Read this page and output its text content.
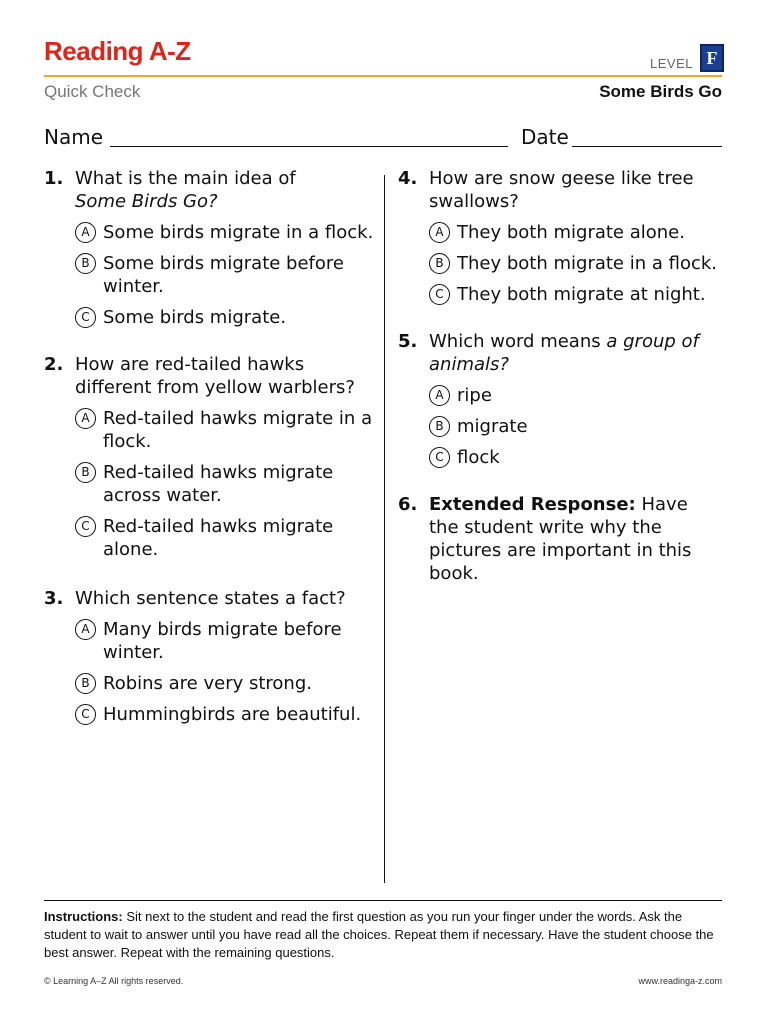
Reading A-Z	LEVEL F
Quick Check	Some Birds Go
Name	Date
1. What is the main idea of
Some Birds Go?
A Some birds migrate in a flock.
B Some birds migrate before winter.
C Some birds migrate.
2. How are red-tailed hawks different from yellow warblers?
A Red-tailed hawks migrate in a flock.
B Red-tailed hawks migrate across water.
C Red-tailed hawks migrate alone.
3. Which sentence states a fact?
A Many birds migrate before winter.
B Robins are very strong.
C Hummingbirds are beautiful.
4. How are snow geese like tree swallows?
A They both migrate alone.
B They both migrate in a flock.
C They both migrate at night.
5. Which word means a group of animals?
A ripe
B migrate
C flock
6. Extended Response: Have the student write why the pictures are important in this book.
Instructions: Sit next to the student and read the first question as you run your finger under the words. Ask the student to wait to answer until you have read all the choices. Repeat them if necessary. Have the student choose the best answer. Repeat with the remaining questions.
© Learning A–Z All rights reserved.	www.readinga-z.com
